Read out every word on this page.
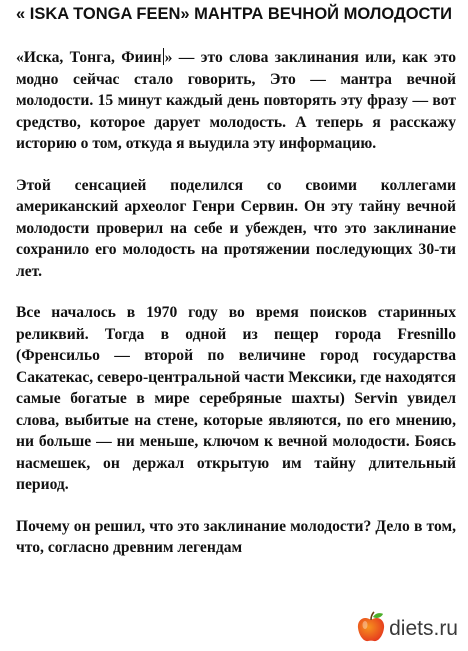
« ISKA TONGA FEEN» МАНТРА ВЕЧНОЙ МОЛОДОСТИ

«Иска, Тонга, Фиин » — это слова заклинания или, как это модно сейчас стало говорить, Это — мантра вечной молодости. 15 минут каждый день повторять эту фразу — вот средство, которое дарует молодость. А теперь я расскажу историю о том, откуда я выудила эту информацию.

Этой сенсацией поделился со своими коллегами американский археолог Генри Сервин. Он эту тайну вечной молодости проверил на себе и убежден, что это заклинание сохранило его молодость на протяжении последующих 30-ти лет.

Все началось в 1970 году во время поисков старинных реликвий. Тогда в одной из пещер города Fresnillo (Френсильо — второй по величине город государства Сакатекас, северо-центральной части Мексики, где находятся самые богатые в мире серебряные шахты) Servin увидел слова, выбитые на стене, которые являются, по его мнению, ни больше — ни меньше, ключом к вечной молодости. Боясь насмешек, он держал открытую им тайну длительный период.

Почему он решил, что это заклинание молодости? Дело в том, что, согласно древним легендам

diets.ru
